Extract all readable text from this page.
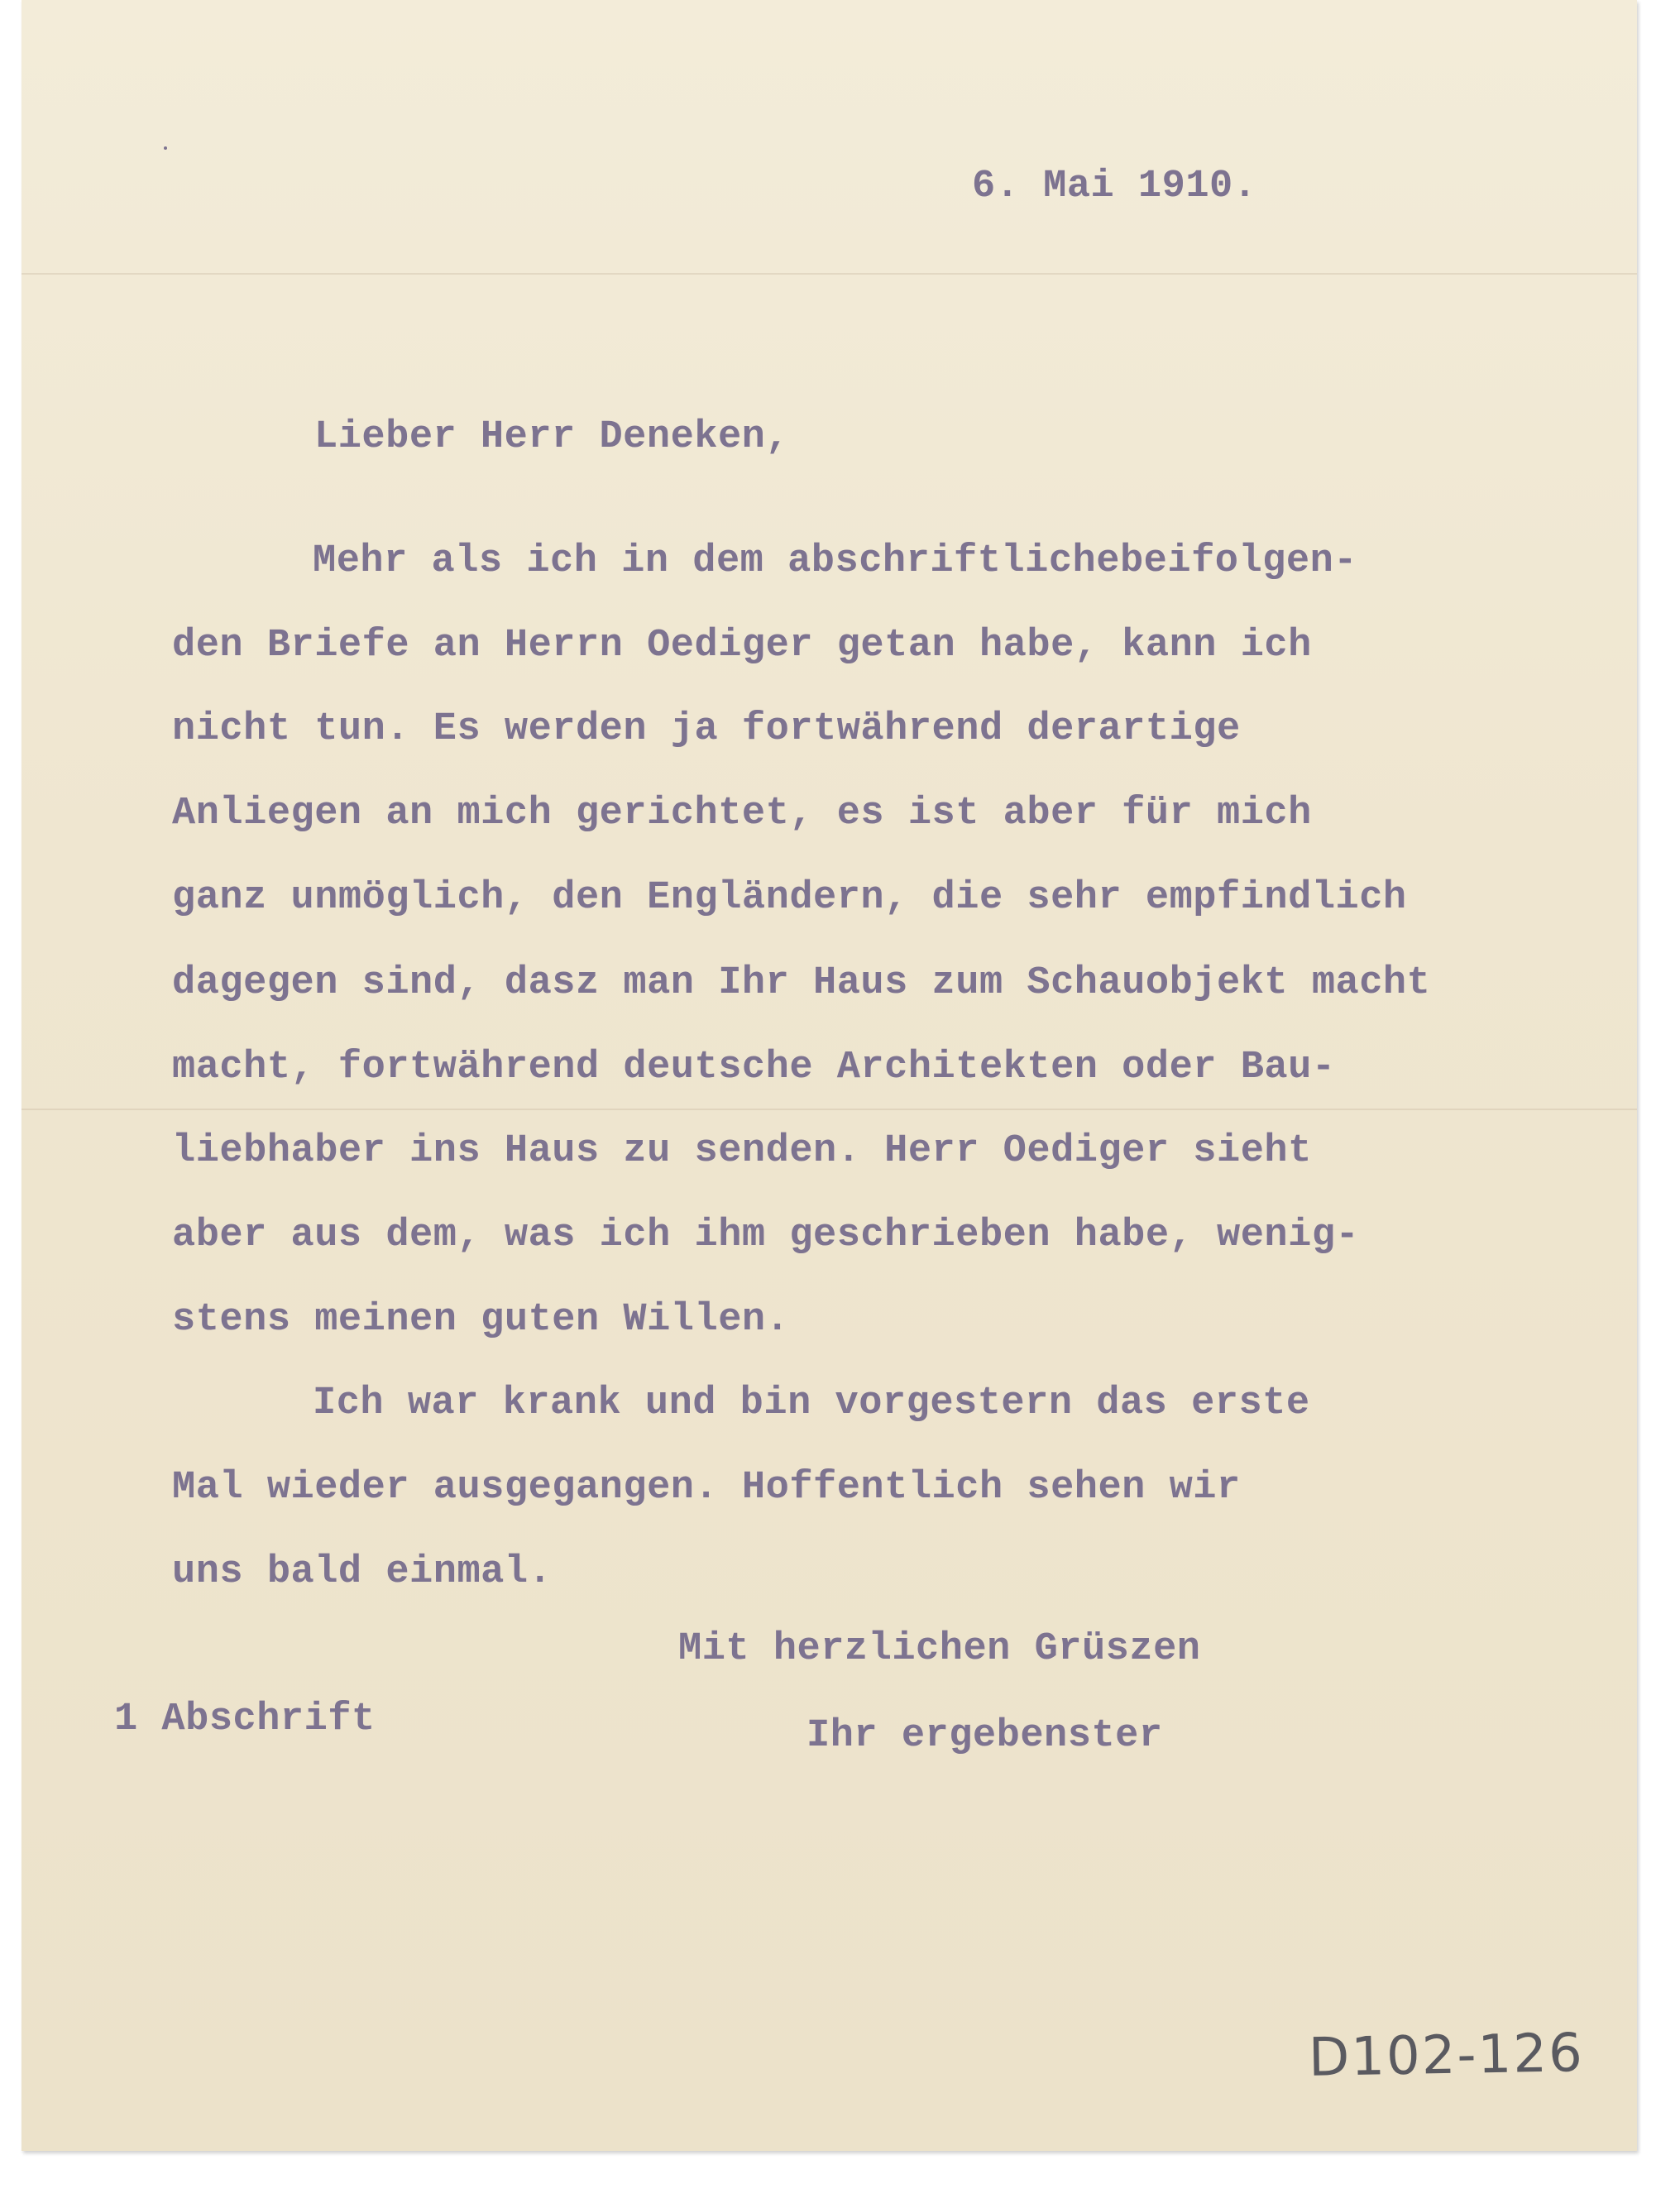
6. Mai 1910.
Lieber Herr Deneken,
Mehr als ich in dem abschriftlichebeifolgen-
den Briefe an Herrn Oediger getan habe, kann ich
nicht tun. Es werden ja fortwährend derartige
Anliegen an mich gerichtet, es ist aber für mich
ganz unmöglich, den Engländern, die sehr empfindlich
dagegen sind, dasz man Ihr Haus zum Schauobjekt macht
macht, fortwährend deutsche Architekten oder Bau-
liebhaber ins Haus zu senden. Herr Oediger sieht
aber aus dem, was ich ihm geschrieben habe, wenig-
stens meinen guten Willen.
Ich war krank und bin vorgestern das erste
Mal wieder ausgegangen. Hoffentlich sehen wir
uns bald einmal.
Mit herzlichen Grüszen
1 Abschrift	Ihr ergebenster
D102-126
